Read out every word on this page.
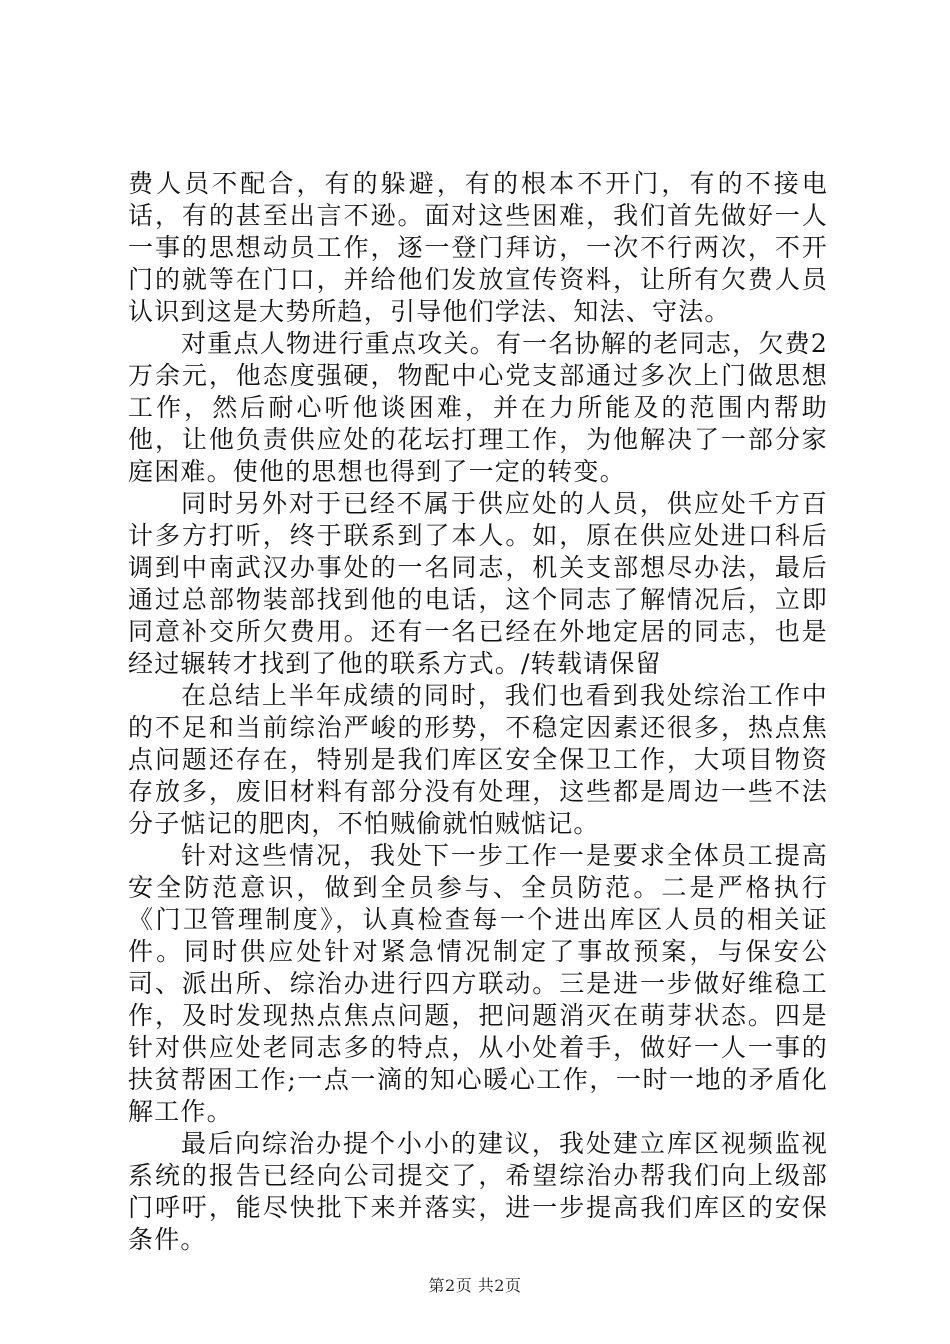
费人员不配合，有的躲避，有的根本不开门，有的不接电话，有的甚至出言不逊。面对这些困难，我们首先做好一人一事的思想动员工作，逐一登门拜访，一次不行两次，不开门的就等在门口，并给他们发放宣传资料，让所有欠费人员认识到这是大势所趋，引导他们学法、知法、守法。

对重点人物进行重点攻关。有一名协解的老同志，欠费2万余元，他态度强硬，物配中心党支部通过多次上门做思想工作，然后耐心听他谈困难，并在力所能及的范围内帮助他，让他负责供应处的花坛打理工作，为他解决了一部分家庭困难。使他的思想也得到了一定的转变。

同时另外对于已经不属于供应处的人员，供应处千方百计多方打听，终于联系到了本人。如，原在供应处进口科后调到中南武汉办事处的一名同志，机关支部想尽办法，最后通过总部物装部找到他的电话，这个同志了解情况后，立即同意补交所欠费用。还有一名已经在外地定居的同志，也是经过辗转才找到了他的联系方式。/转载请保留

在总结上半年成绩的同时，我们也看到我处综治工作中的不足和当前综治严峻的形势，不稳定因素还很多，热点焦点问题还存在，特别是我们库区安全保卫工作，大项目物资存放多，废旧材料有部分没有处理，这些都是周边一些不法分子惦记的肥肉，不怕贼偷就怕贼惦记。

针对这些情况，我处下一步工作一是要求全体员工提高安全防范意识，做到全员参与、全员防范。二是严格执行《门卫管理制度》，认真检查每一个进出库区人员的相关证件。同时供应处针对紧急情况制定了事故预案，与保安公司、派出所、综治办进行四方联动。三是进一步做好维稳工作，及时发现热点焦点问题，把问题消灭在萌芽状态。四是针对供应处老同志多的特点，从小处着手，做好一人一事的扶贫帮困工作;一点一滴的知心暖心工作，一时一地的矛盾化解工作。

最后向综治办提个小小的建议，我处建立库区视频监视系统的报告已经向公司提交了，希望综治办帮我们向上级部门呼吁，能尽快批下来并落实，进一步提高我们库区的安保条件。

第2页 共2页
